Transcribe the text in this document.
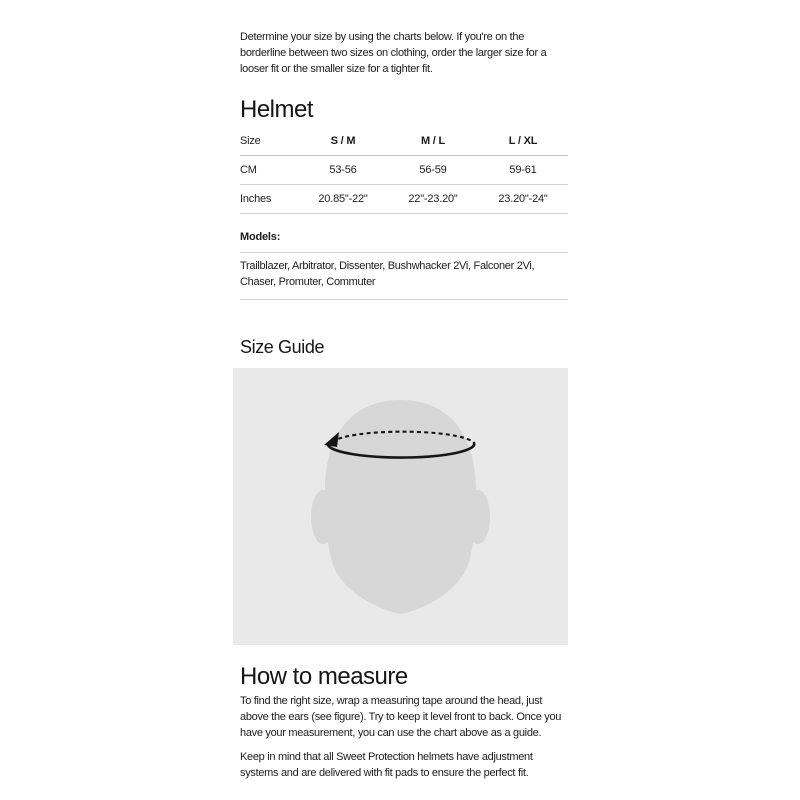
Determine your size by using the charts below. If you're on the borderline between two sizes on clothing, order the larger size for a looser fit or the smaller size for a tighter fit.

Helmet
Size	S / M	M / L	L / XL
CM	53-56	56-59	59-61
Inches	20.85"-22"	22"-23.20"	23.20"-24"
Models:

Trailblazer, Arbitrator, Dissenter, Bushwhacker 2Vi, Falconer 2Vi, Chaser, Promuter, Commuter

Size Guide
How to measure

To find the right size, wrap a measuring tape around the head, just above the ears (see figure). Try to keep it level front to back. Once you have your measurement, you can use the chart above as a guide.

Keep in mind that all Sweet Protection helmets have adjustment systems and are delivered with fit pads to ensure the perfect fit.
